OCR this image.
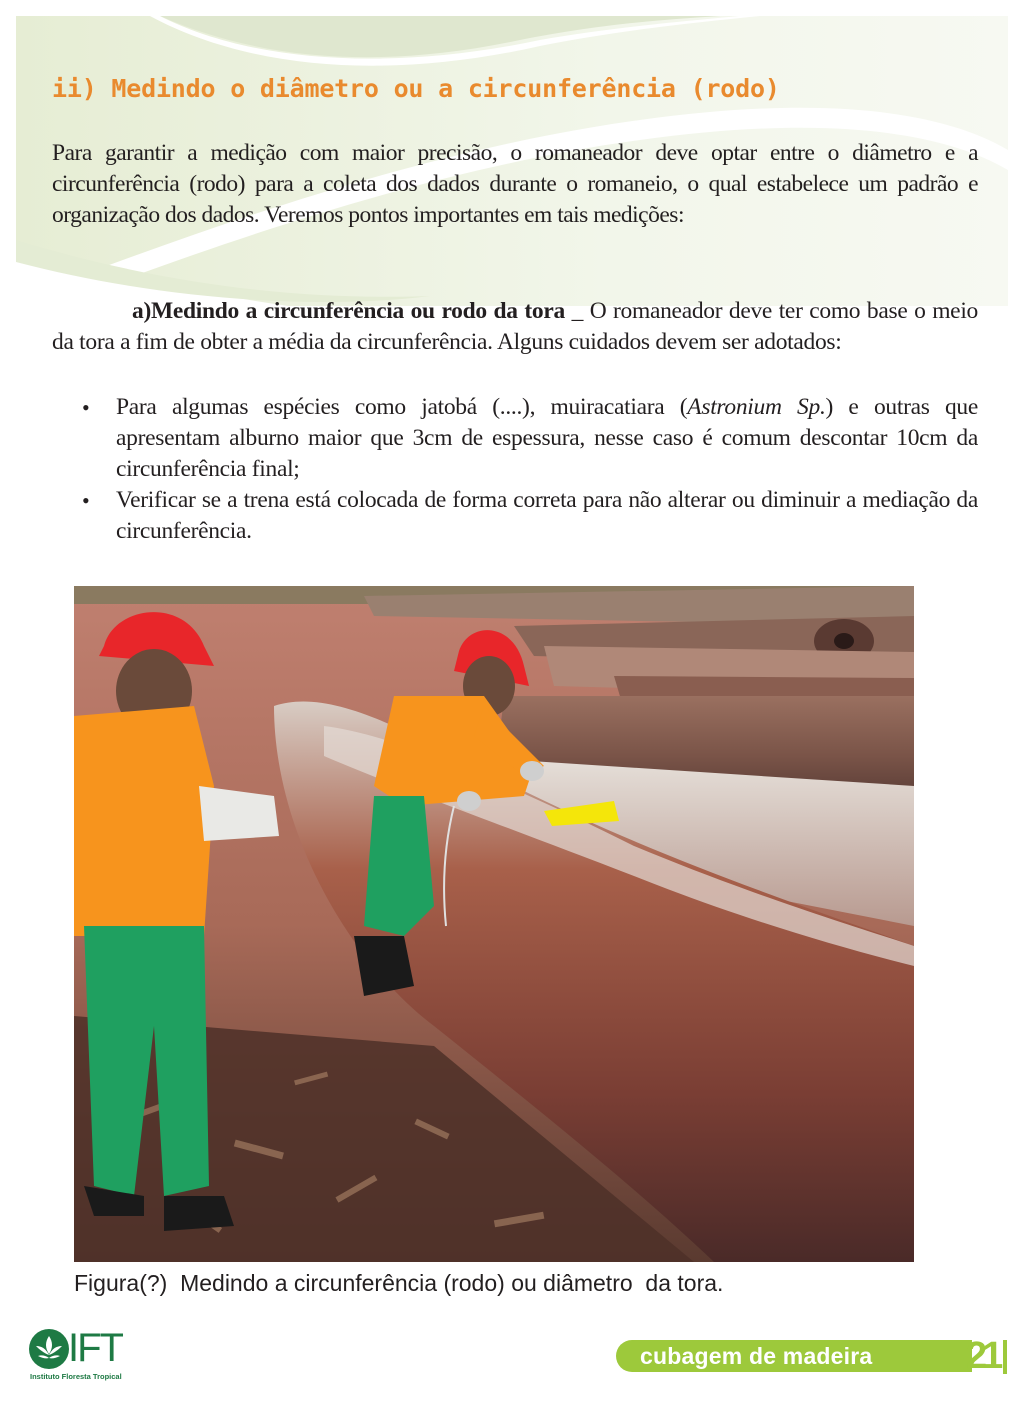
ii) Medindo o diâmetro ou a circunferência (rodo)

Para garantir a medição com maior precisão, o romaneador deve optar entre o diâmetro e a circunferência (rodo) para a coleta dos dados durante o romaneio, o qual estabelece um padrão e organização dos dados. Veremos pontos importantes em tais medições:

a)Medindo a circunferência ou rodo da tora _ O romaneador deve ter como base o meio da tora a fim de obter a média da circunferência. Alguns cuidados devem ser adotados:

• Para algumas espécies como jatobá (....), muiracatiara (Astronium Sp.) e outras que apresentam alburno maior que 3cm de espessura, nesse caso é comum descontar 10cm da circunferência final;
• Verificar se a trena está colocada de forma correta para não alterar ou diminuir a mediação da circunferência.

Figura(?)  Medindo a circunferência (rodo) ou diâmetro  da tora.

IFT
Instituto Floresta Tropical
cubagem de madeira 21
